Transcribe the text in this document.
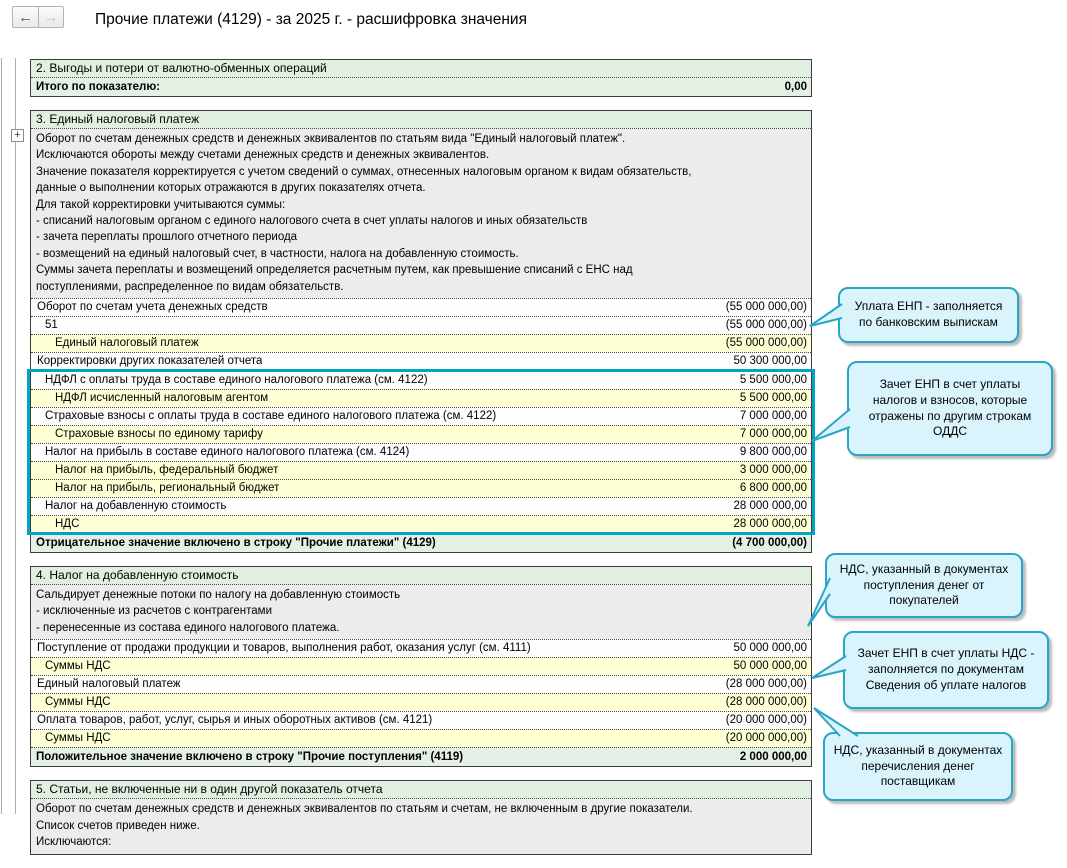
← →	Прочие платежи (4129) - за 2025 г. - расшифровка значения
+
2. Выгоды и потери от валютно-обменных операций
Итого по показателю:	0,00
3. Единый налоговый платеж
Оборот по счетам денежных средств и денежных эквивалентов по статьям вида "Единый налоговый платеж".
Исключаются обороты между счетами денежных средств и денежных эквивалентов.
Значение показателя корректируется с учетом сведений о суммах, отнесенных налоговым органом к видам обязательств,
данные о выполнении которых отражаются в других показателях отчета.
Для такой корректировки учитываются суммы:
- списаний налоговым органом с единого налогового счета в счет уплаты налогов и иных обязательств
- зачета переплаты прошлого отчетного периода
- возмещений на единый налоговый счет, в частности, налога на добавленную стоимость.
Суммы зачета переплаты и возмещений определяется расчетным путем, как превышение списаний с ЕНС над
поступлениями, распределенное по видам обязательств.
Оборот по счетам учета денежных средств	(55 000 000,00)
51	(55 000 000,00)
Единый налоговый платеж	(55 000 000,00)
Корректировки других показателей отчета	50 300 000,00
НДФЛ с оплаты труда в составе единого налогового платежа (см. 4122)	5 500 000,00
НДФЛ исчисленный налоговым агентом	5 500 000,00
Страховые взносы с оплаты труда в составе единого налогового платежа (см. 4122)	7 000 000,00
Страховые взносы по единому тарифу	7 000 000,00
Налог на прибыль в составе единого налогового платежа (см. 4124)	9 800 000,00
Налог на прибыль, федеральный бюджет	3 000 000,00
Налог на прибыль, региональный бюджет	6 800 000,00
Налог на добавленную стоимость	28 000 000,00
НДС	28 000 000,00
Отрицательное значение включено в строку "Прочие платежи" (4129)	(4 700 000,00)
4. Налог на добавленную стоимость
Сальдирует денежные потоки по налогу на добавленную стоимость
- исключенные из расчетов с контрагентами
- перенесенные из состава единого налогового платежа.
Поступление от продажи продукции и товаров, выполнения работ, оказания услуг (см. 4111)	50 000 000,00
Суммы НДС	50 000 000,00
Единый налоговый платеж	(28 000 000,00)
Суммы НДС	(28 000 000,00)
Оплата товаров, работ, услуг, сырья и иных оборотных активов (см. 4121)	(20 000 000,00)
Суммы НДС	(20 000 000,00)
Положительное значение включено в строку "Прочие поступления" (4119)	2 000 000,00
5. Статьи, не включенные ни в один другой показатель отчета
Оборот по счетам денежных средств и денежных эквивалентов по статьям и счетам, не включенным в другие показатели.
Список счетов приведен ниже.
Исключаются:
Уплата ЕНП - заполняется по банковским выпискам
Зачет ЕНП в счет уплаты налогов и взносов, которые отражены по другим строкам ОДДС
НДС, указанный в документах поступления денег от покупателей
Зачет ЕНП в счет уплаты НДС - заполняется по документам Сведения об уплате налогов
НДС, указанный в документах перечисления денег поставщикам
